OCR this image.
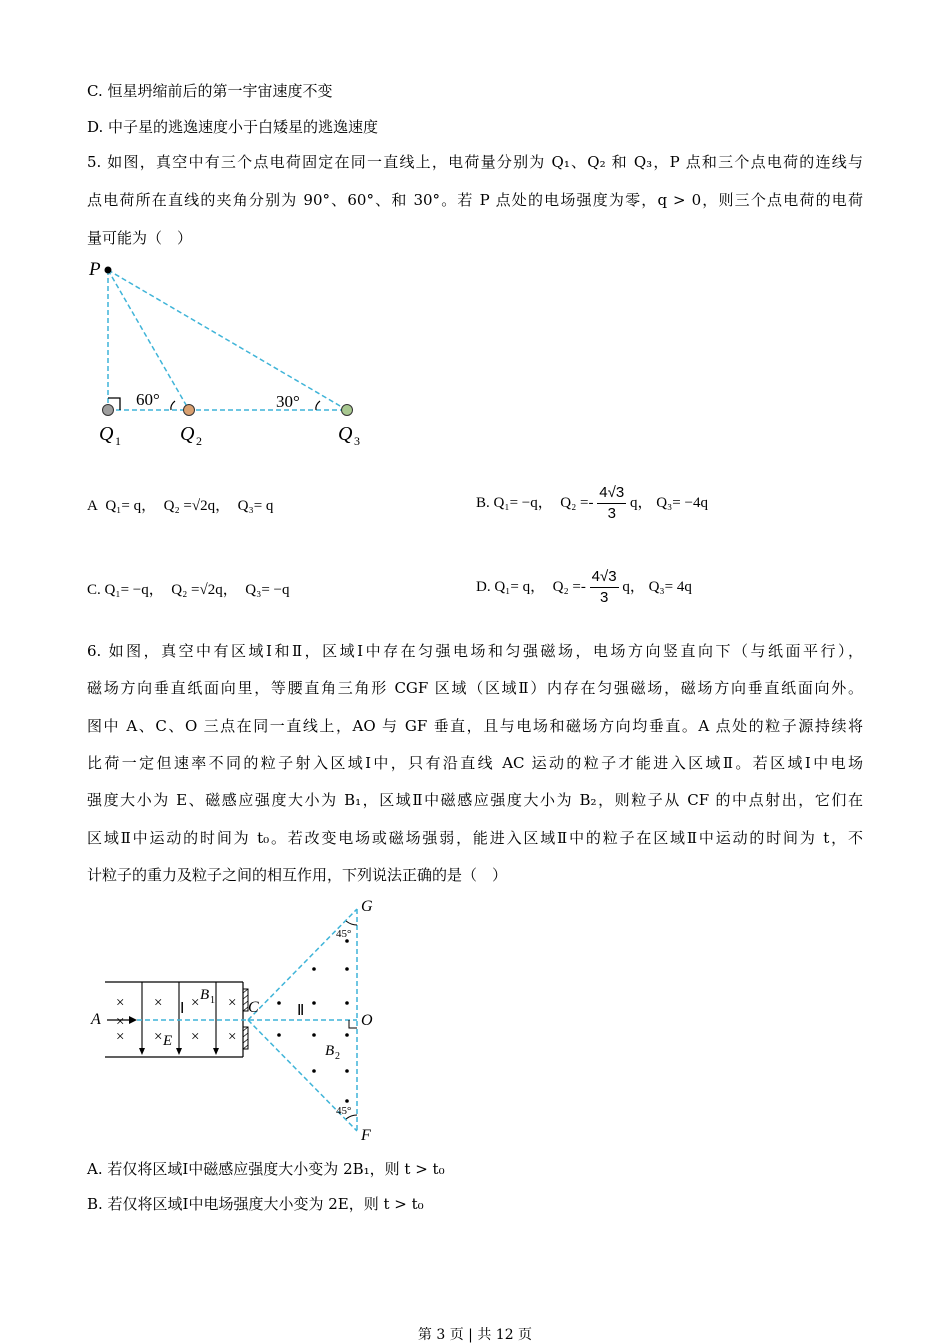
C. 恒星坍缩前后的第一宇宙速度不变
D. 中子星的逃逸速度小于白矮星的逃逸速度
5. 如图，真空中有三个点电荷固定在同一直线上，电荷量分别为 Q₁、Q₂ 和 Q₃，P 点和三个点电荷的连线与
点电荷所在直线的夹角分别为 90°、60°、和 30°。若 P 点处的电场强度为零，q > 0，则三个点电荷的电荷
量可能为（　）
P
60°	30°
Q 1	Q 2	Q 3
A Q₁= q， Q₂ =√2q， Q₃= q	B. Q₁= −q， $Q_2 =- \frac{4√3}{3}$ q， Q₃= −4q
C. Q₁= −q， Q₂ =√2q， Q₃= −q	D. Q₁= q， $Q_2 =- \frac{4√3}{3}$ q， Q₃= 4q
6. 如图，真空中有区域Ⅰ和Ⅱ，区域Ⅰ中存在匀强电场和匀强磁场，电场方向竖直向下（与纸面平行），
磁场方向垂直纸面向里，等腰直角三角形 CGF 区域（区域Ⅱ）内存在匀强磁场，磁场方向垂直纸面向外。
图中 A、C、O 三点在同一直线上，AO 与 GF 垂直，且与电场和磁场方向均垂直。A 点处的粒子源持续将
比荷一定但速率不同的粒子射入区域Ⅰ中，只有沿直线 AC 运动的粒子才能进入区域Ⅱ。若区域Ⅰ中电场
强度大小为 E、磁感应强度大小为 B₁，区域Ⅱ中磁感应强度大小为 B₂，则粒子从 CF 的中点射出，它们在
区域Ⅱ中运动的时间为 t₀。若改变电场或磁场强弱，能进入区域Ⅱ中的粒子在区域Ⅱ中运动的时间为 t，不
计粒子的重力及粒子之间的相互作用，下列说法正确的是（　）
× × × ×
× × × ×
×
A
C
O
G
F
E
B
B
1
2
Ⅰ	Ⅱ
45°
45°
A. 若仅将区域Ⅰ中磁感应强度大小变为 2B₁，则 t > t₀
B. 若仅将区域Ⅰ中电场强度大小变为 2E，则 t > t₀
第 3 页 | 共 12 页
